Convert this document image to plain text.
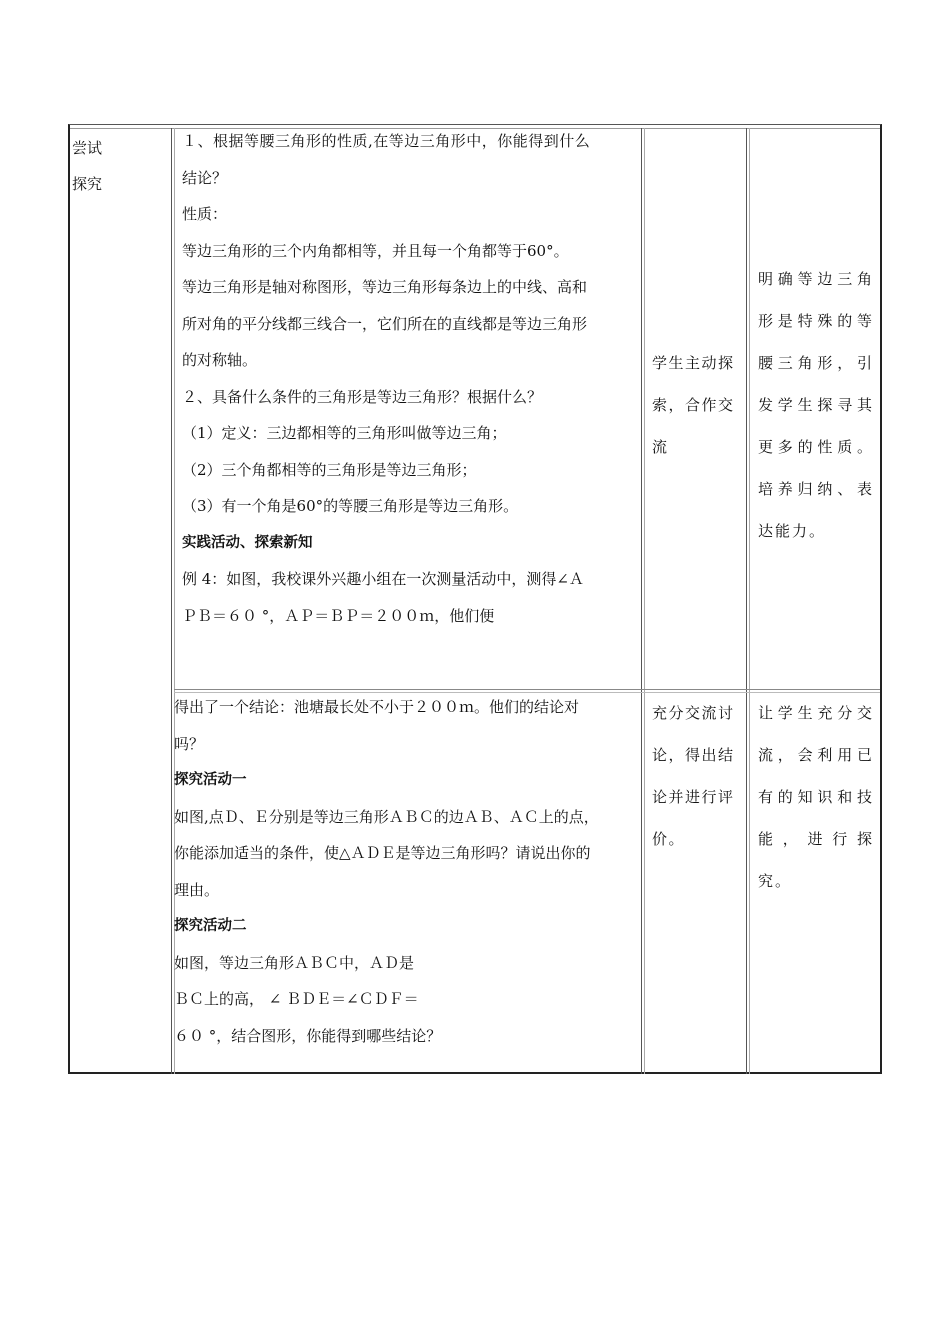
尝试
探究

１、根据等腰三角形的性质,在等边三角形中，你能得到什么

结论？

性质：

等边三角形的三个内角都相等，并且每一个角都等于60°。

等边三角形是轴对称图形，等边三角形每条边上的中线、高和

所对角的平分线都三线合一，它们所在的直线都是等边三角形

的对称轴。

２、具备什么条件的三角形是等边三角形？根据什么？

（1）定义：三边都相等的三角形叫做等边三角；

（2）三个角都相等的三角形是等边三角形；

（3）有一个角是60°的等腰三角形是等边三角形。

实践活动、探索新知

例 4：如图，我校课外兴趣小组在一次测量活动中，测得∠Ａ

ＰＢ＝６０ °，ＡＰ＝ＢＰ＝２００ｍ，他们便

学生主动探索，合作交流
明确等边三角形是特殊的等腰三角形，引发学生探寻其更多的性质。培养归纳、表达能力。

得出了一个结论：池塘最长处不小于２００ｍ。他们的结论对

吗？

探究活动一

如图,点Ｄ、Ｅ分别是等边三角形ＡＢＣ的边ＡＢ、ＡＣ上的点，

你能添加适当的条件，使△ＡＤＥ是等边三角形吗？请说出你的

理由。

探究活动二

如图，等边三角形ＡＢＣ中，ＡＤ是

ＢＣ上的高， ∠ ＢＤＥ＝∠ＣＤＦ＝

６０ °，结合图形，你能得到哪些结论？

充分交流讨论，得出结论并进行评价。
让学生充分交流，会利用已有的知识和技能，进行探究。
